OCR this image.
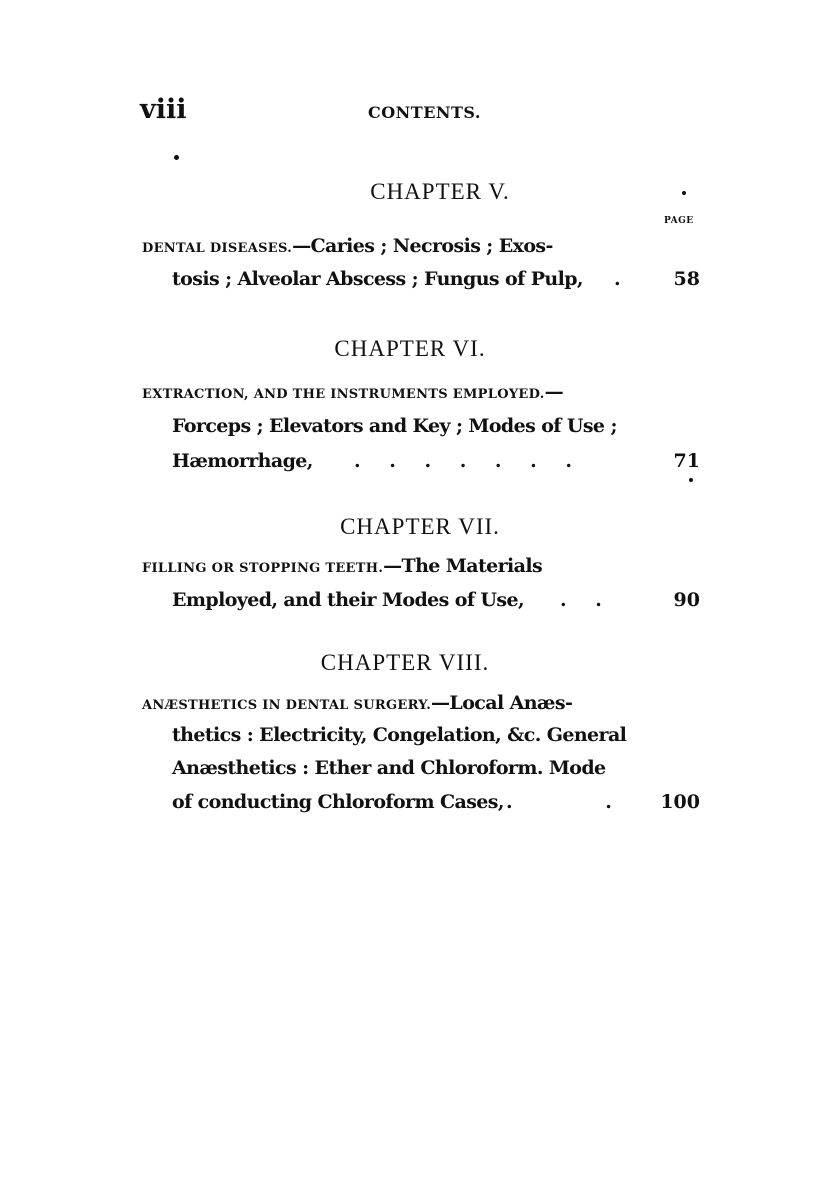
viii	CONTENTS.
CHAPTER V.
PAGE
DENTAL DISEASES.—Caries ; Necrosis ; Exos-
tosis ; Alveolar Abscess ; Fungus of Pulp, .	58
CHAPTER VI.
EXTRACTION, AND THE INSTRUMENTS EMPLOYED.—
Forceps ; Elevators and Key ; Modes of Use ;
Hæmorrhage, . . . . . . .	71
CHAPTER VII.
FILLING OR STOPPING TEETH.—The Materials
Employed, and their Modes of Use, . .	90
CHAPTER VIII.
ANÆSTHETICS IN DENTAL SURGERY.—Local Anæs-
thetics : Electricity, Congelation, &c. General
Anæsthetics : Ether and Chloroform. Mode
of conducting Chloroform Cases, .              .	100
